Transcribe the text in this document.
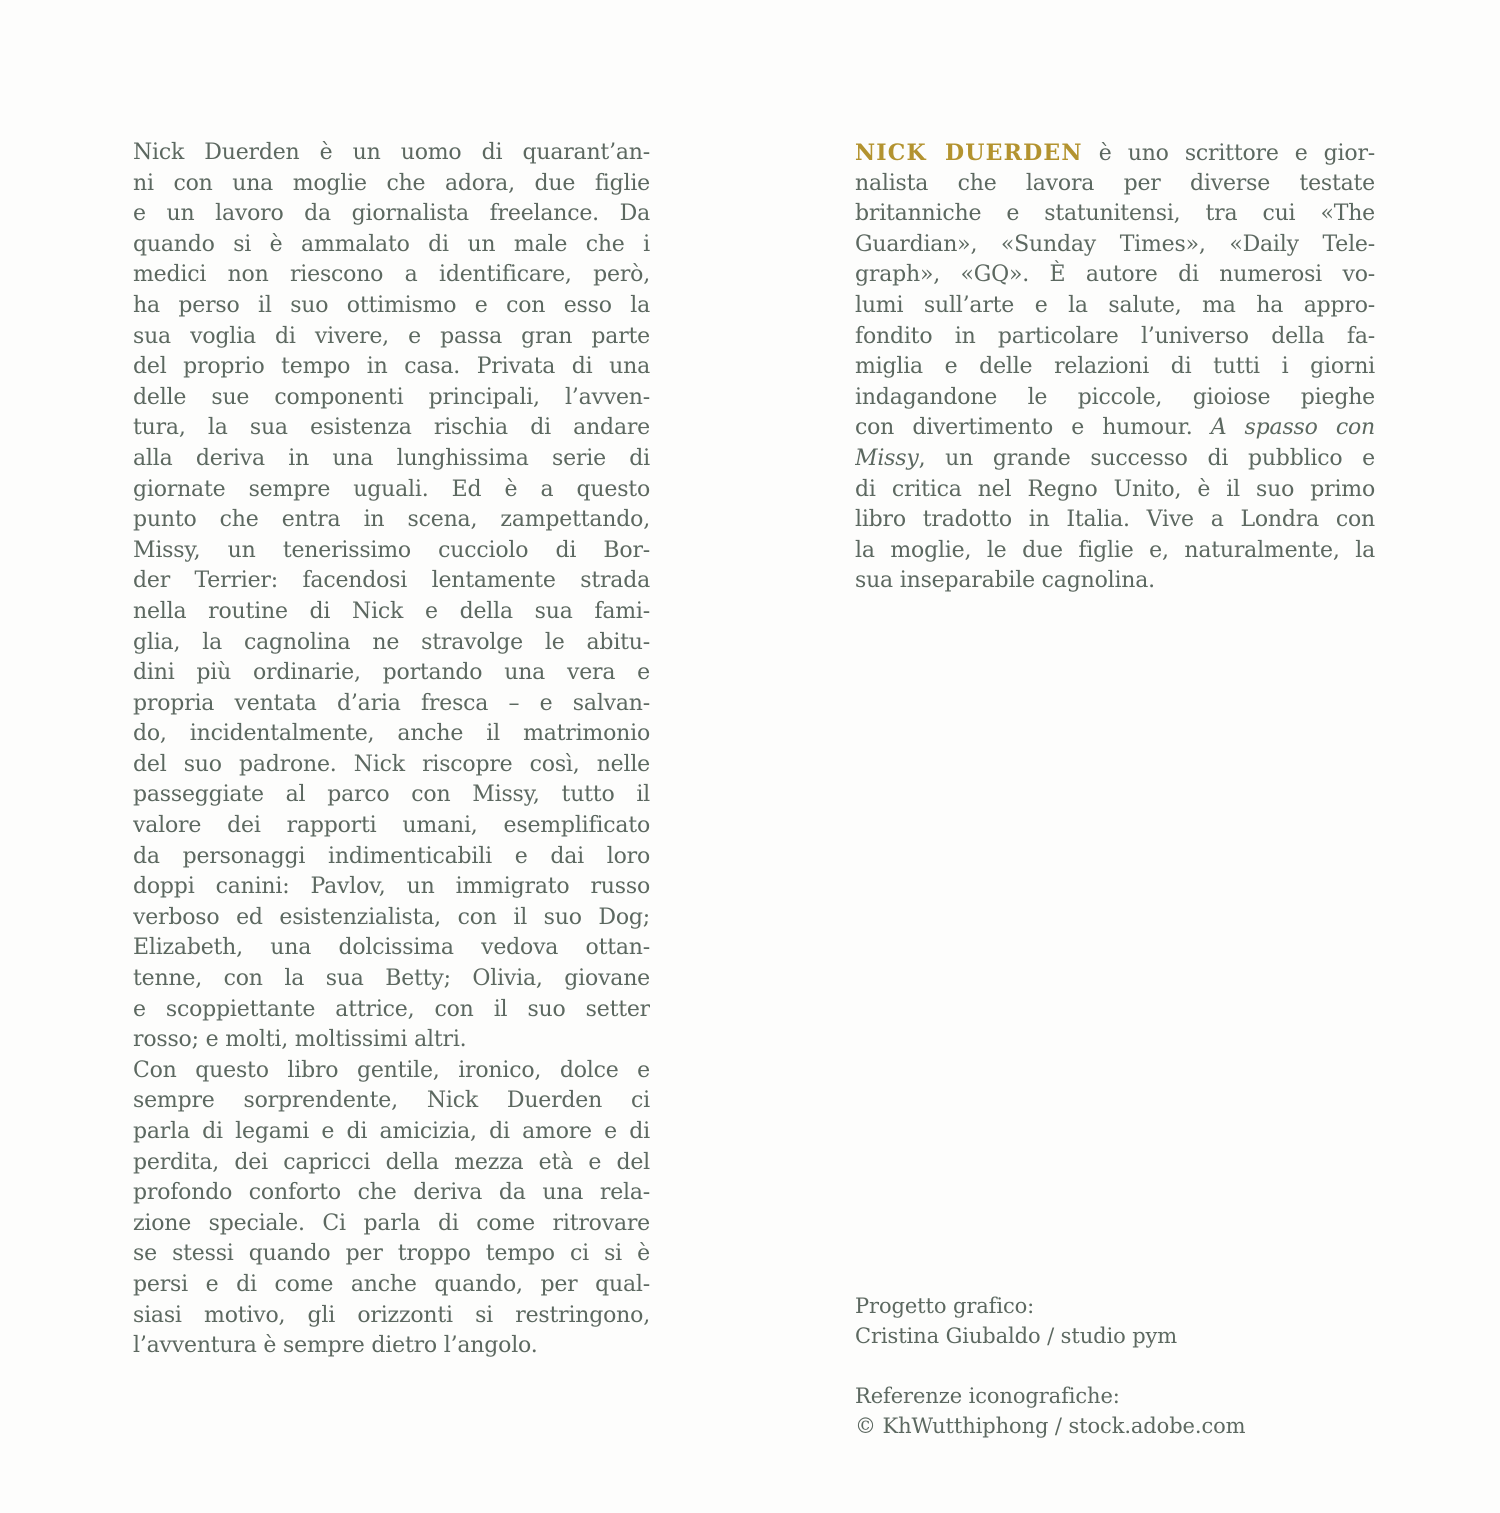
Nick Duerden è un uomo di quarant’an-
ni con una moglie che adora, due figlie
e un lavoro da giornalista freelance. Da
quando si è ammalato di un male che i
medici non riescono a identificare, però,
ha perso il suo ottimismo e con esso la
sua voglia di vivere, e passa gran parte
del proprio tempo in casa. Privata di una
delle sue componenti principali, l’avven-
tura, la sua esistenza rischia di andare
alla deriva in una lunghissima serie di
giornate sempre uguali. Ed è a questo
punto che entra in scena, zampettando,
Missy, un tenerissimo cucciolo di Bor-
der Terrier: facendosi lentamente strada
nella routine di Nick e della sua fami-
glia, la cagnolina ne stravolge le abitu-
dini più ordinarie, portando una vera e
propria ventata d’aria fresca – e salvan-
do, incidentalmente, anche il matrimonio
del suo padrone. Nick riscopre così, nelle
passeggiate al parco con Missy, tutto il
valore dei rapporti umani, esemplificato
da personaggi indimenticabili e dai loro
doppi canini: Pavlov, un immigrato russo
verboso ed esistenzialista, con il suo Dog;
Elizabeth, una dolcissima vedova ottan-
tenne, con la sua Betty; Olivia, giovane
e scoppiettante attrice, con il suo setter
rosso; e molti, moltissimi altri.
Con questo libro gentile, ironico, dolce e
sempre sorprendente, Nick Duerden ci
parla di legami e di amicizia, di amore e di
perdita, dei capricci della mezza età e del
profondo conforto che deriva da una rela-
zione speciale. Ci parla di come ritrovare
se stessi quando per troppo tempo ci si è
persi e di come anche quando, per qual-
siasi motivo, gli orizzonti si restringono,
l’avventura è sempre dietro l’angolo.
NICK DUERDEN è uno scrittore e gior-
nalista che lavora per diverse testate
britanniche e statunitensi, tra cui «The
Guardian», «Sunday Times», «Daily Tele-
graph», «GQ». È autore di numerosi vo-
lumi sull’arte e la salute, ma ha appro-
fondito in particolare l’universo della fa-
miglia e delle relazioni di tutti i giorni
indagandone le piccole, gioiose pieghe
con divertimento e humour. A spasso con
Missy, un grande successo di pubblico e
di critica nel Regno Unito, è il suo primo
libro tradotto in Italia. Vive a Londra con
la moglie, le due figlie e, naturalmente, la
sua inseparabile cagnolina.
Progetto grafico:
Cristina Giubaldo / studio pym
Referenze iconografiche:
© KhWutthiphong / stock.adobe.com
